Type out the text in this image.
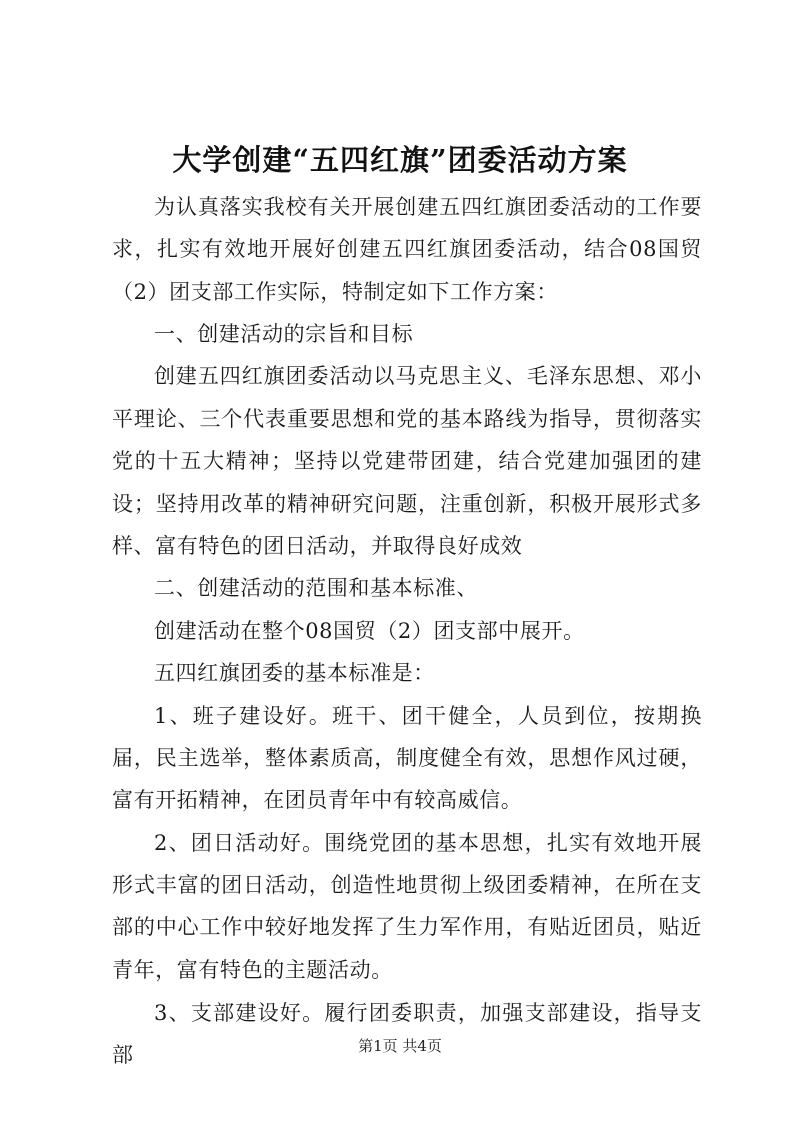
大学创建“五四红旗”团委活动方案

为认真落实我校有关开展创建五四红旗团委活动的工作要求，扎实有效地开展好创建五四红旗团委活动，结合08国贸（2）团支部工作实际，特制定如下工作方案：

一、创建活动的宗旨和目标

创建五四红旗团委活动以马克思主义、毛泽东思想、邓小平理论、三个代表重要思想和党的基本路线为指导，贯彻落实党的十五大精神；坚持以党建带团建，结合党建加强团的建设；坚持用改革的精神研究问题，注重创新，积极开展形式多样、富有特色的团日活动，并取得良好成效

二、创建活动的范围和基本标准、

创建活动在整个08国贸（2）团支部中展开。

五四红旗团委的基本标准是：

1、班子建设好。班干、团干健全，人员到位，按期换届，民主选举，整体素质高，制度健全有效，思想作风过硬，富有开拓精神，在团员青年中有较高威信。

2、团日活动好。围绕党团的基本思想，扎实有效地开展形式丰富的团日活动，创造性地贯彻上级团委精神，在所在支部的中心工作中较好地发挥了生力军作用，有贴近团员，贴近青年，富有特色的主题活动。

3、支部建设好。履行团委职责，加强支部建设，指导支部	第1页 共4页
